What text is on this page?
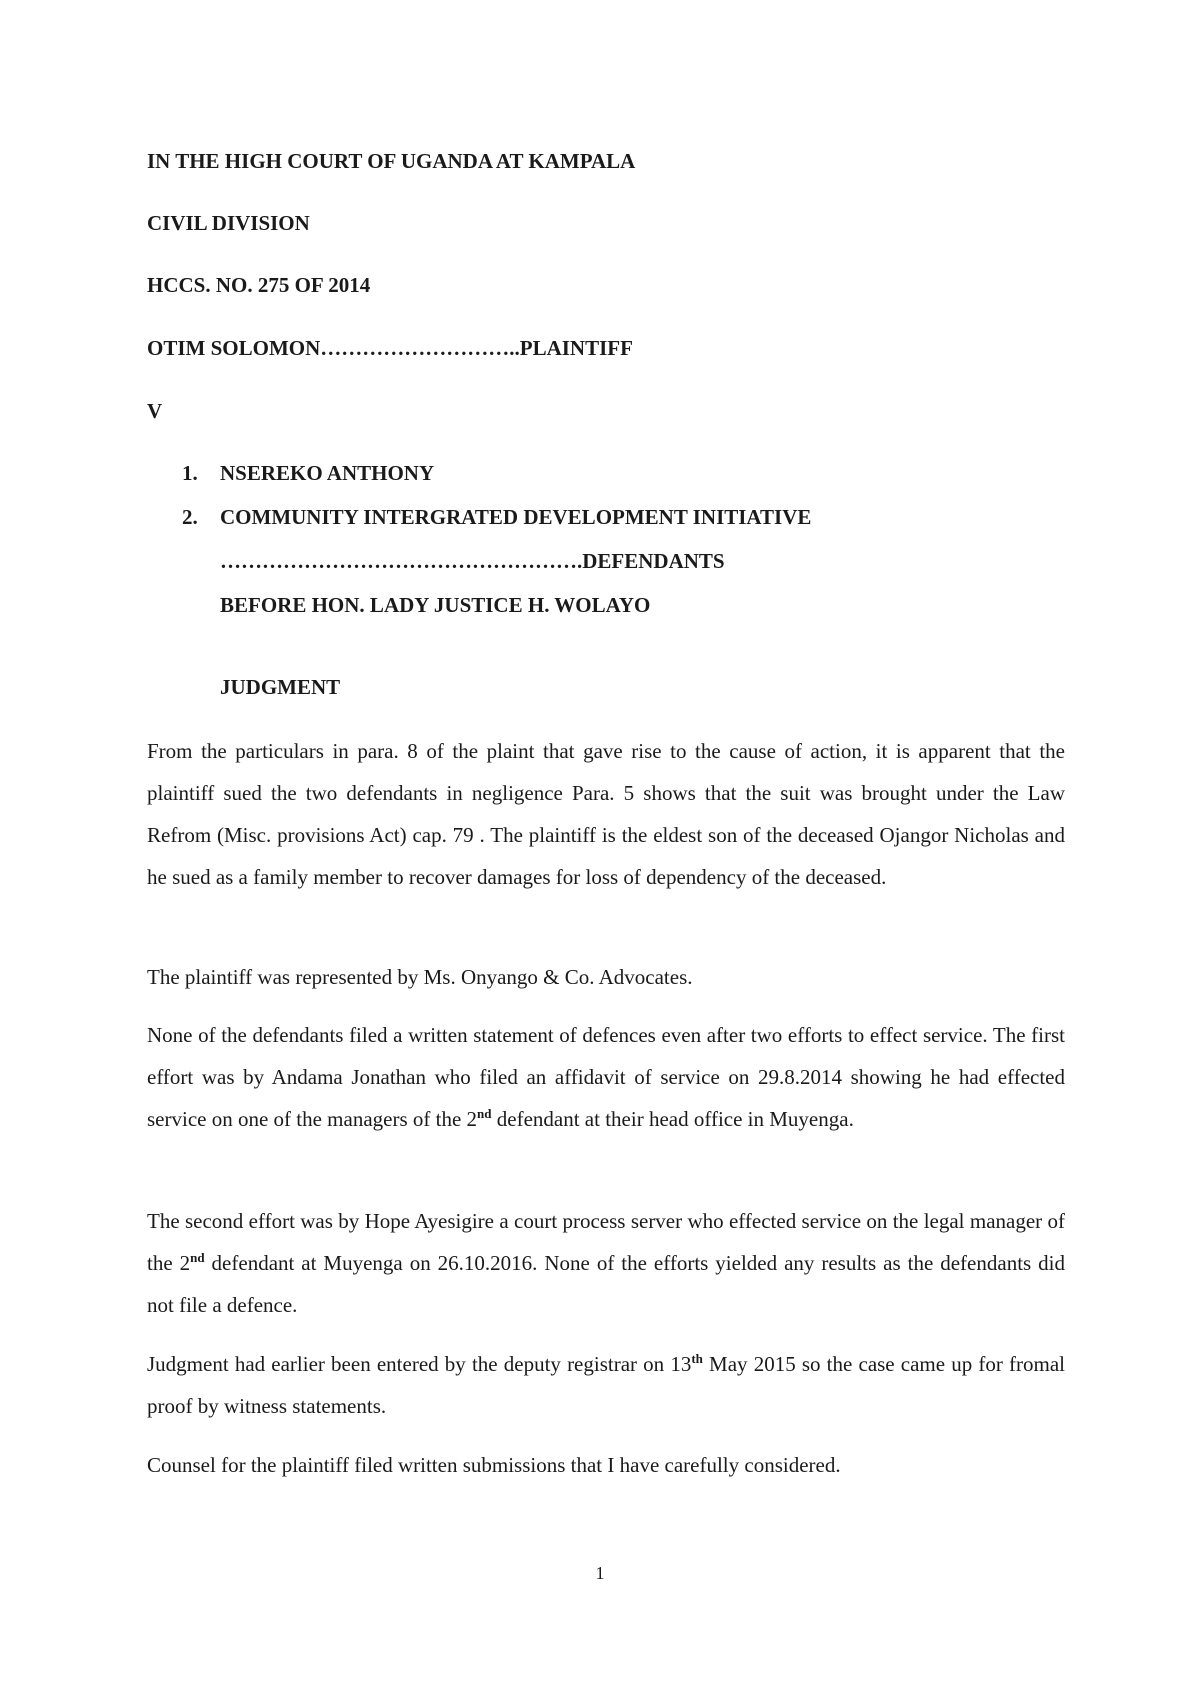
IN THE HIGH COURT OF UGANDA AT KAMPALA
CIVIL DIVISION
HCCS. NO. 275 OF 2014
OTIM SOLOMON………………………..PLAINTIFF
V
1. NSEREKO ANTHONY
2. COMMUNITY INTERGRATED DEVELOPMENT INITIATIVE
…………………………………………….DEFENDANTS
BEFORE HON. LADY JUSTICE H. WOLAYO
JUDGMENT
From the particulars in para. 8 of the plaint that gave rise to the cause of action, it is apparent that the plaintiff sued the two defendants in negligence Para. 5 shows that the suit was brought under the Law Refrom (Misc. provisions Act) cap. 79 . The plaintiff is the eldest son of the deceased Ojangor Nicholas and he sued as a family member to recover damages for loss of dependency of the deceased.
The plaintiff was represented by Ms. Onyango & Co. Advocates.
None of the defendants filed a written statement of defences even after two efforts to effect service. The first effort was by Andama Jonathan who filed an affidavit of service on 29.8.2014 showing he had effected service on one of the managers of the 2nd defendant at their head office in Muyenga.
The second effort was by Hope Ayesigire a court process server who effected service on the legal manager of the 2nd defendant at Muyenga on 26.10.2016. None of the efforts yielded any results as the defendants did not file a defence.
Judgment had earlier been entered by the deputy registrar on 13th May 2015 so the case came up for fromal proof by witness statements.
Counsel for the plaintiff filed written submissions that I have carefully considered.
1
